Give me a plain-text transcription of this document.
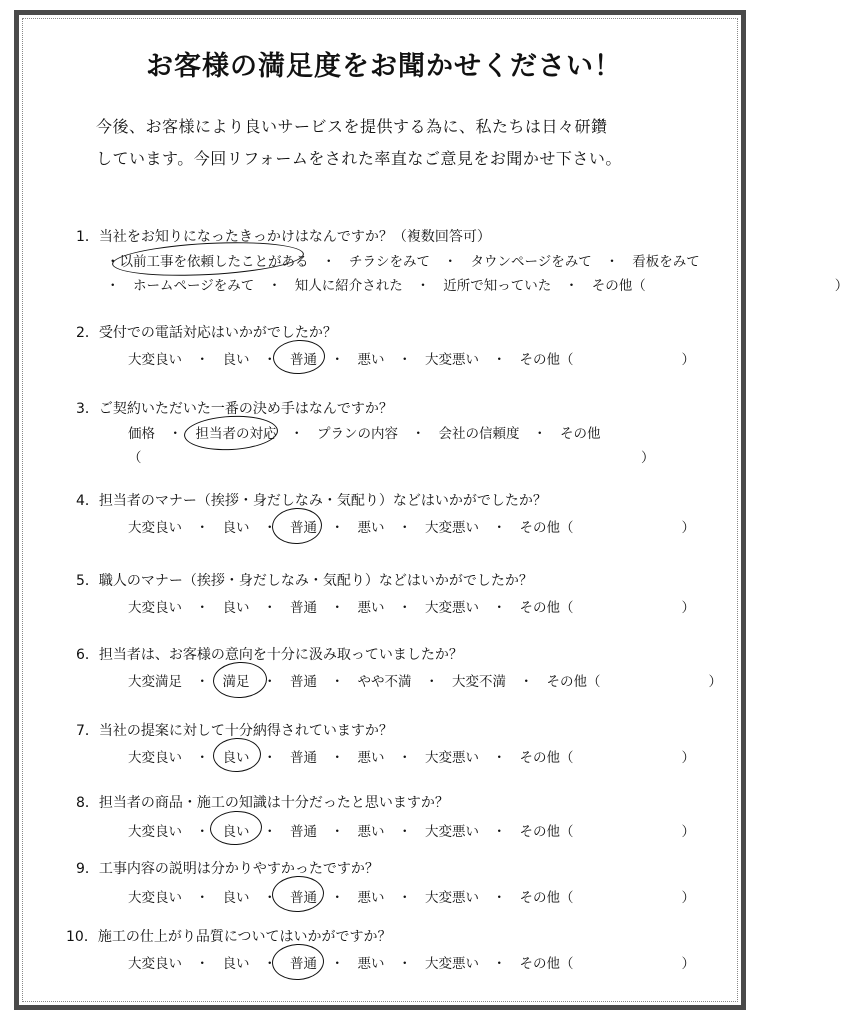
お客様の満足度をお聞かせください！
今後、お客様により良いサービスを提供する為に、私たちは日々研鑽
しています。今回リフォームをされた率直なご意見をお聞かせ下さい。
1．当社をお知りになったきっかけはなんですか？（複数回答可）
・以前工事を依頼したことがある　・　チラシをみて　・　タウンページをみて　・　看板をみて
・　ホームページをみて　・　知人に紹介された　・　近所で知っていた　・　その他（　　　　　　　　　　　　　　）
2．受付での電話対応はいかがでしたか？
大変良い　・　良い　・　普通　・　悪い　・　大変悪い　・　その他（　　　　　　　　）
3．ご契約いただいた一番の決め手はなんですか？
価格　・　担当者の対応　・　プランの内容　・　会社の信頼度　・　その他
（　　　　　　　　　　　　　　　　　　　　　　　　　　　　　　　　　　　　　）
4．担当者のマナー（挨拶・身だしなみ・気配り）などはいかがでしたか？
大変良い　・　良い　・　普通　・　悪い　・　大変悪い　・　その他（　　　　　　　　）
5．職人のマナー（挨拶・身だしなみ・気配り）などはいかがでしたか？
大変良い　・　良い　・　普通　・　悪い　・　大変悪い　・　その他（　　　　　　　　）
6．担当者は、お客様の意向を十分に汲み取っていましたか？
大変満足　・　満足　・　普通　・　やや不満　・　大変不満　・　その他（　　　　　　　　）
7．当社の提案に対して十分納得されていますか？
大変良い　・　良い　・　普通　・　悪い　・　大変悪い　・　その他（　　　　　　　　）
8．担当者の商品・施工の知識は十分だったと思いますか？
大変良い　・　良い　・　普通　・　悪い　・　大変悪い　・　その他（　　　　　　　　）
9．工事内容の説明は分かりやすかったですか？
大変良い　・　良い　・　普通　・　悪い　・　大変悪い　・　その他（　　　　　　　　）
10．施工の仕上がり品質についてはいかがですか？
大変良い　・　良い　・　普通　・　悪い　・　大変悪い　・　その他（　　　　　　　　）
